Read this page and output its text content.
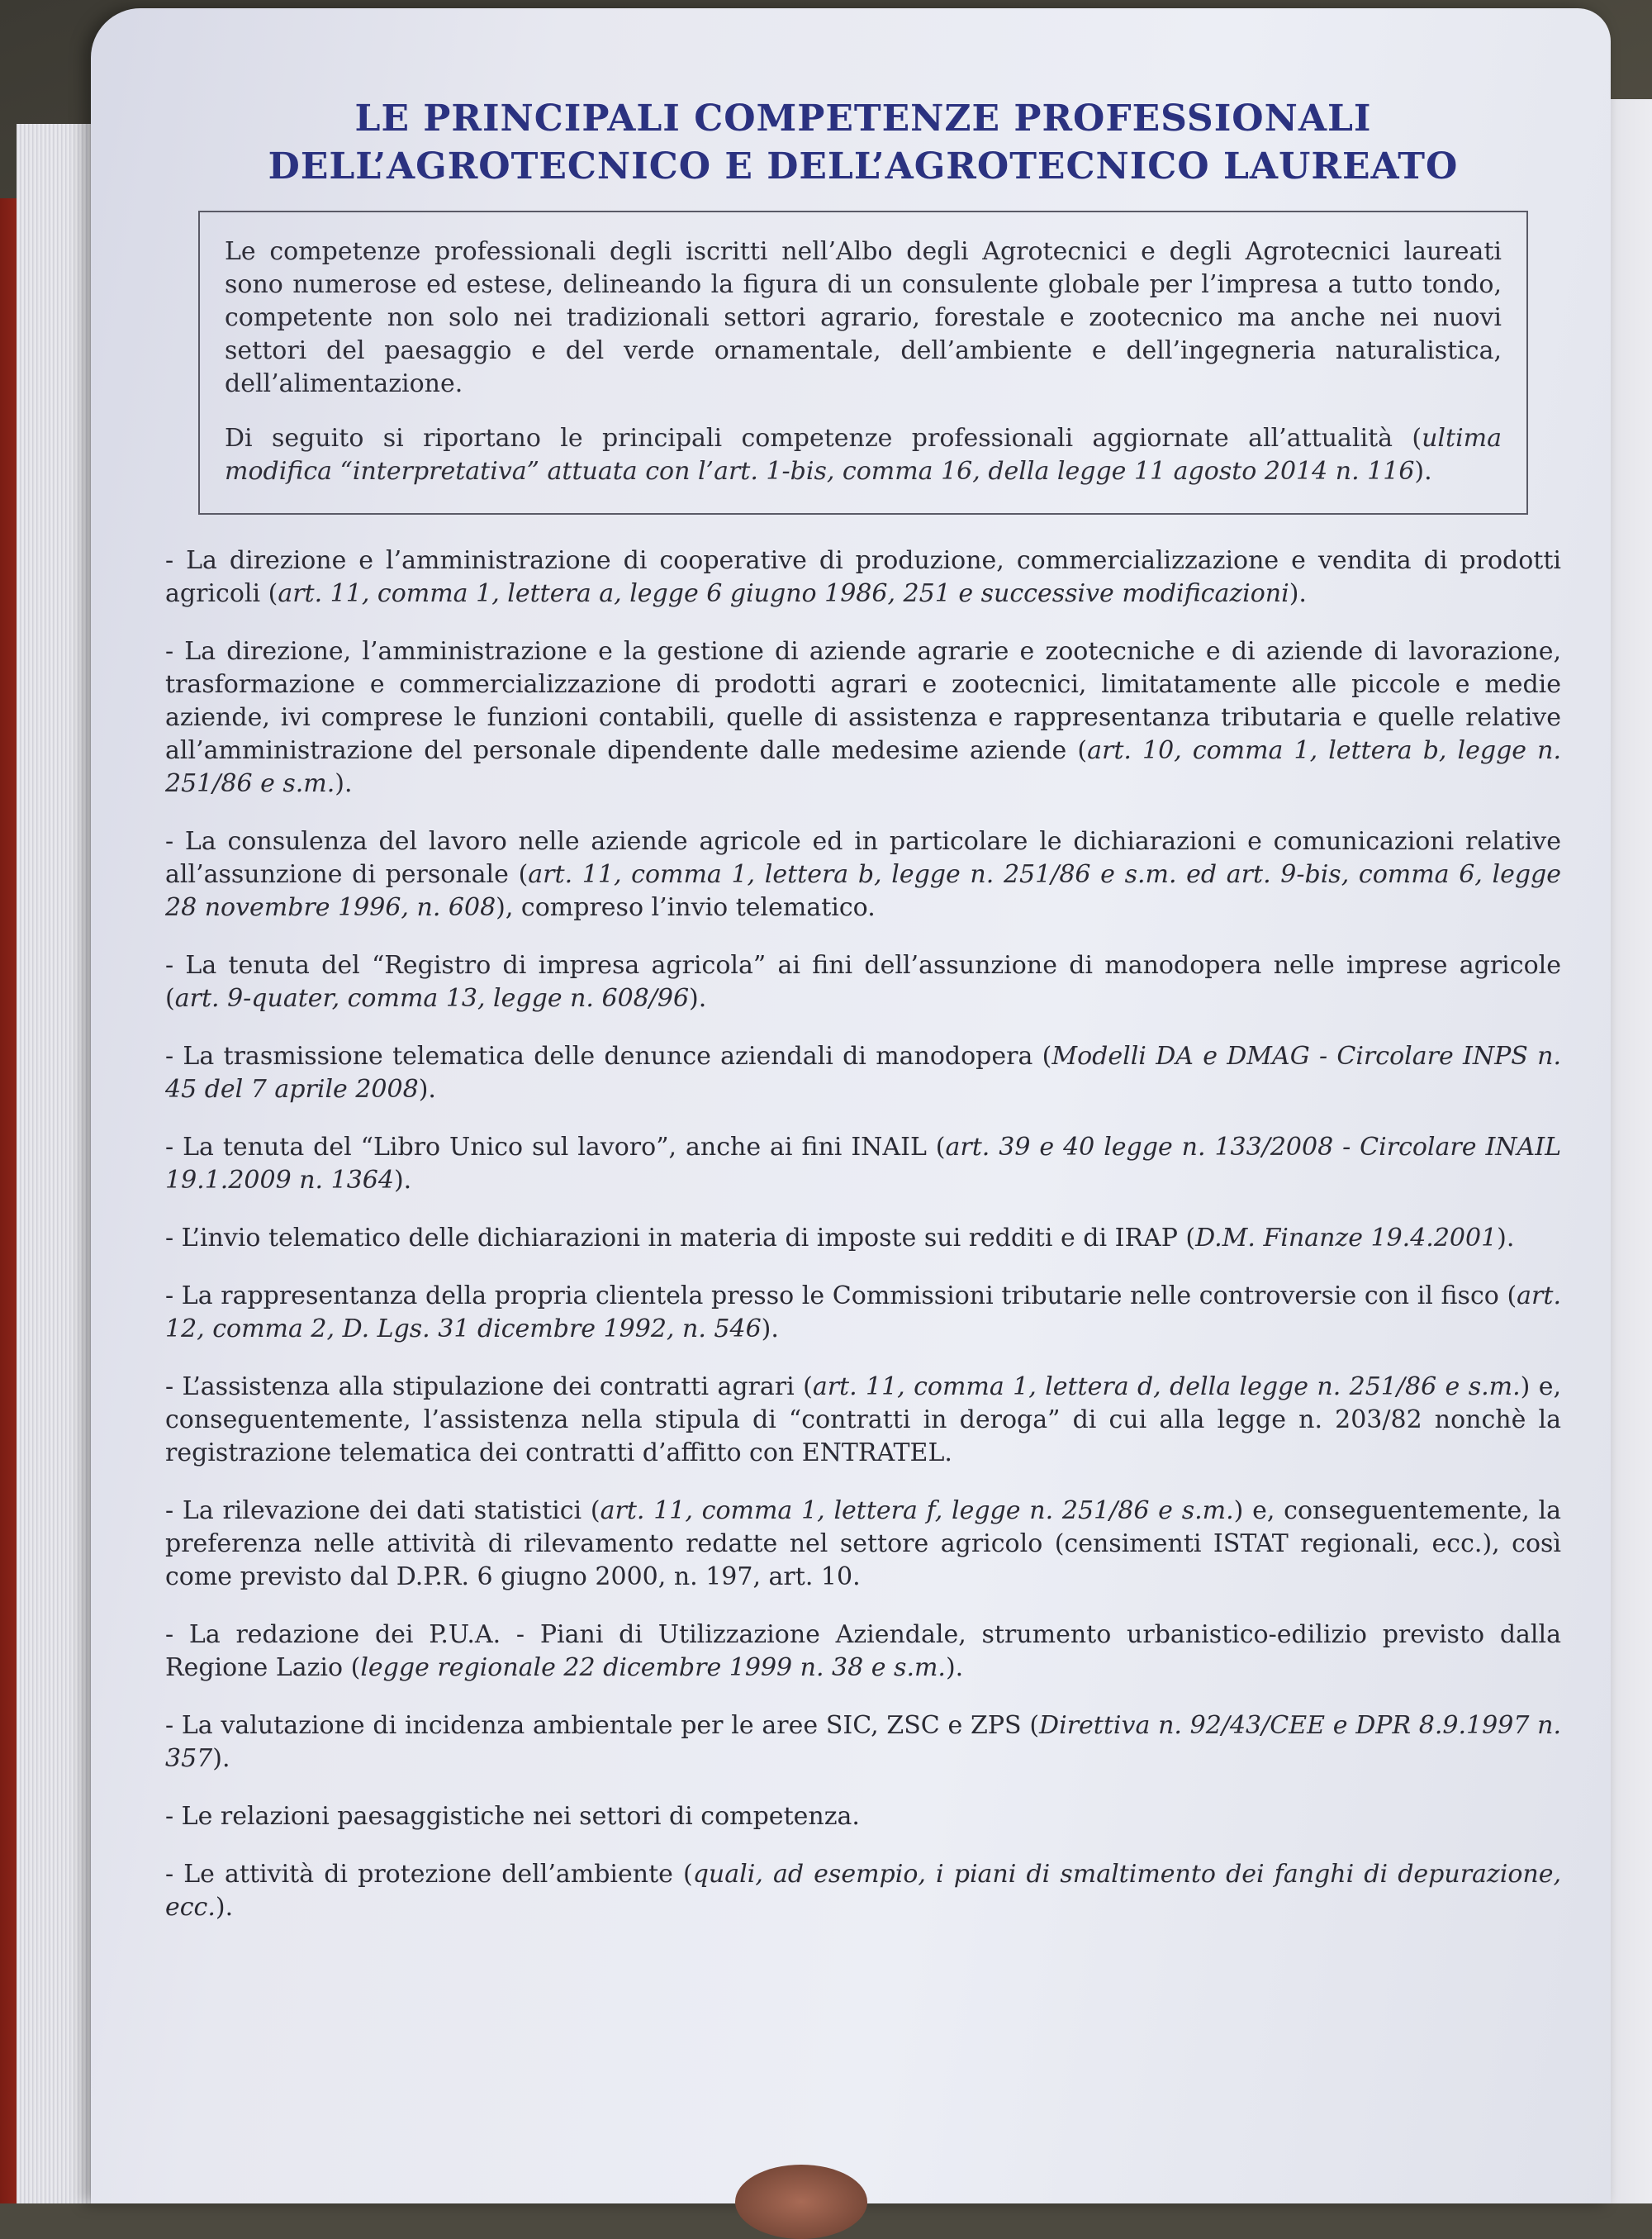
LE PRINCIPALI COMPETENZE PROFESSIONALI
DELL’AGROTECNICO E DELL’AGROTECNICO LAUREATO

Le competenze professionali degli iscritti nell’Albo degli Agrotecnici e degli Agrotecnici laureati sono numerose ed estese, delineando la figura di un consulente globale per l’impresa a tutto tondo, competente non solo nei tradizionali settori agrario, forestale e zootecnico ma anche nei nuovi settori del paesaggio e del verde ornamentale, dell’ambiente e dell’ingegneria naturalistica, dell’alimentazione.

Di seguito si riportano le principali competenze professionali aggiornate all’attualità (ultima modifica “interpretativa” attuata con l’art. 1-bis, comma 16, della legge 11 agosto 2014 n. 116).

- La direzione e l’amministrazione di cooperative di produzione, commercializzazione e vendita di prodotti agricoli (art. 11, comma 1, lettera a, legge 6 giugno 1986, 251 e successive modificazioni).
- La direzione, l’amministrazione e la gestione di aziende agrarie e zootecniche e di aziende di lavorazione, trasformazione e commercializzazione di prodotti agrari e zootecnici, limitatamente alle piccole e medie aziende, ivi comprese le funzioni contabili, quelle di assistenza e rappresentanza tributaria e quelle relative all’amministrazione del personale dipendente dalle medesime aziende (art. 10, comma 1, lettera b, legge n. 251/86 e s.m.).
- La consulenza del lavoro nelle aziende agricole ed in particolare le dichiarazioni e comunicazioni relative all’assunzione di personale (art. 11, comma 1, lettera b, legge n. 251/86 e s.m. ed art. 9-bis, comma 6, legge 28 novembre 1996, n. 608), compreso l’invio telematico.
- La tenuta del “Registro di impresa agricola” ai fini dell’assunzione di manodopera nelle imprese agricole (art. 9-quater, comma 13, legge n. 608/96).
- La trasmissione telematica delle denunce aziendali di manodopera (Modelli DA e DMAG - Circolare INPS n. 45 del 7 aprile 2008).
- La tenuta del “Libro Unico sul lavoro”, anche ai fini INAIL (art. 39 e 40 legge n. 133/2008 - Circolare INAIL 19.1.2009 n. 1364).
- L’invio telematico delle dichiarazioni in materia di imposte sui redditi e di IRAP (D.M. Finanze 19.4.2001).
- La rappresentanza della propria clientela presso le Commissioni tributarie nelle controversie con il fisco (art. 12, comma 2, D. Lgs. 31 dicembre 1992, n. 546).
- L’assistenza alla stipulazione dei contratti agrari (art. 11, comma 1, lettera d, della legge n. 251/86 e s.m.) e, conseguentemente, l’assistenza nella stipula di “contratti in deroga” di cui alla legge n. 203/82 nonchè la registrazione telematica dei contratti d’affitto con ENTRATEL.
- La rilevazione dei dati statistici (art. 11, comma 1, lettera f, legge n. 251/86 e s.m.) e, conseguentemente, la preferenza nelle attività di rilevamento redatte nel settore agricolo (censimenti ISTAT regionali, ecc.), così come previsto dal D.P.R. 6 giugno 2000, n. 197, art. 10.
- La redazione dei P.U.A. - Piani di Utilizzazione Aziendale, strumento urbanistico-edilizio previsto dalla Regione Lazio (legge regionale 22 dicembre 1999 n. 38 e s.m.).
- La valutazione di incidenza ambientale per le aree SIC, ZSC e ZPS (Direttiva n. 92/43/CEE e DPR 8.9.1997 n. 357).
- Le relazioni paesaggistiche nei settori di competenza.
- Le attività di protezione dell’ambiente (quali, ad esempio, i piani di smaltimento dei fanghi di depurazione, ecc.).
